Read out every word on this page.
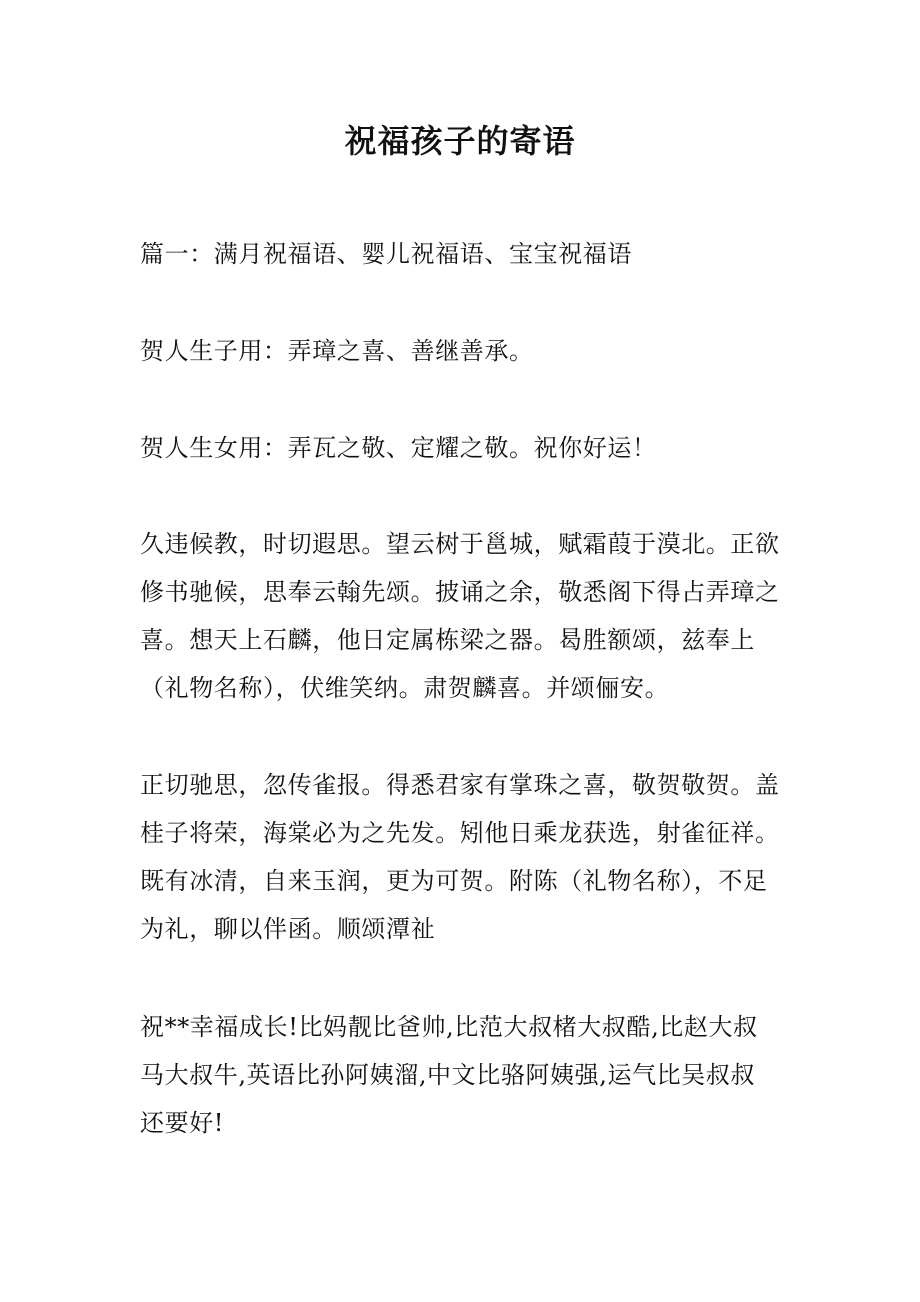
祝福孩子的寄语

篇一：满月祝福语、婴儿祝福语、宝宝祝福语

贺人生子用：弄璋之喜、善继善承。

贺人生女用：弄瓦之敬、定耀之敬。祝你好运！

久违候教，时切遐思。望云树于邕城，赋霜葭于漠北。正欲
修书驰候，思奉云翰先颂。披诵之余，敬悉阁下得占弄璋之
喜。想天上石麟，他日定属栋梁之器。曷胜额颂，兹奉上
（礼物名称），伏维笑纳。肃贺麟喜。并颂俪安。

正切驰思，忽传雀报。得悉君家有掌珠之喜，敬贺敬贺。盖
桂子将荣，海棠必为之先发。矧他日乘龙获选，射雀征祥。
既有冰清，自来玉润，更为可贺。附陈（礼物名称），不足
为礼，聊以伴函。顺颂潭祉

祝**幸福成长!比妈靓比爸帅,比范大叔楮大叔酷,比赵大叔
马大叔牛,英语比孙阿姨溜,中文比骆阿姨强,运气比吴叔叔
还要好!
